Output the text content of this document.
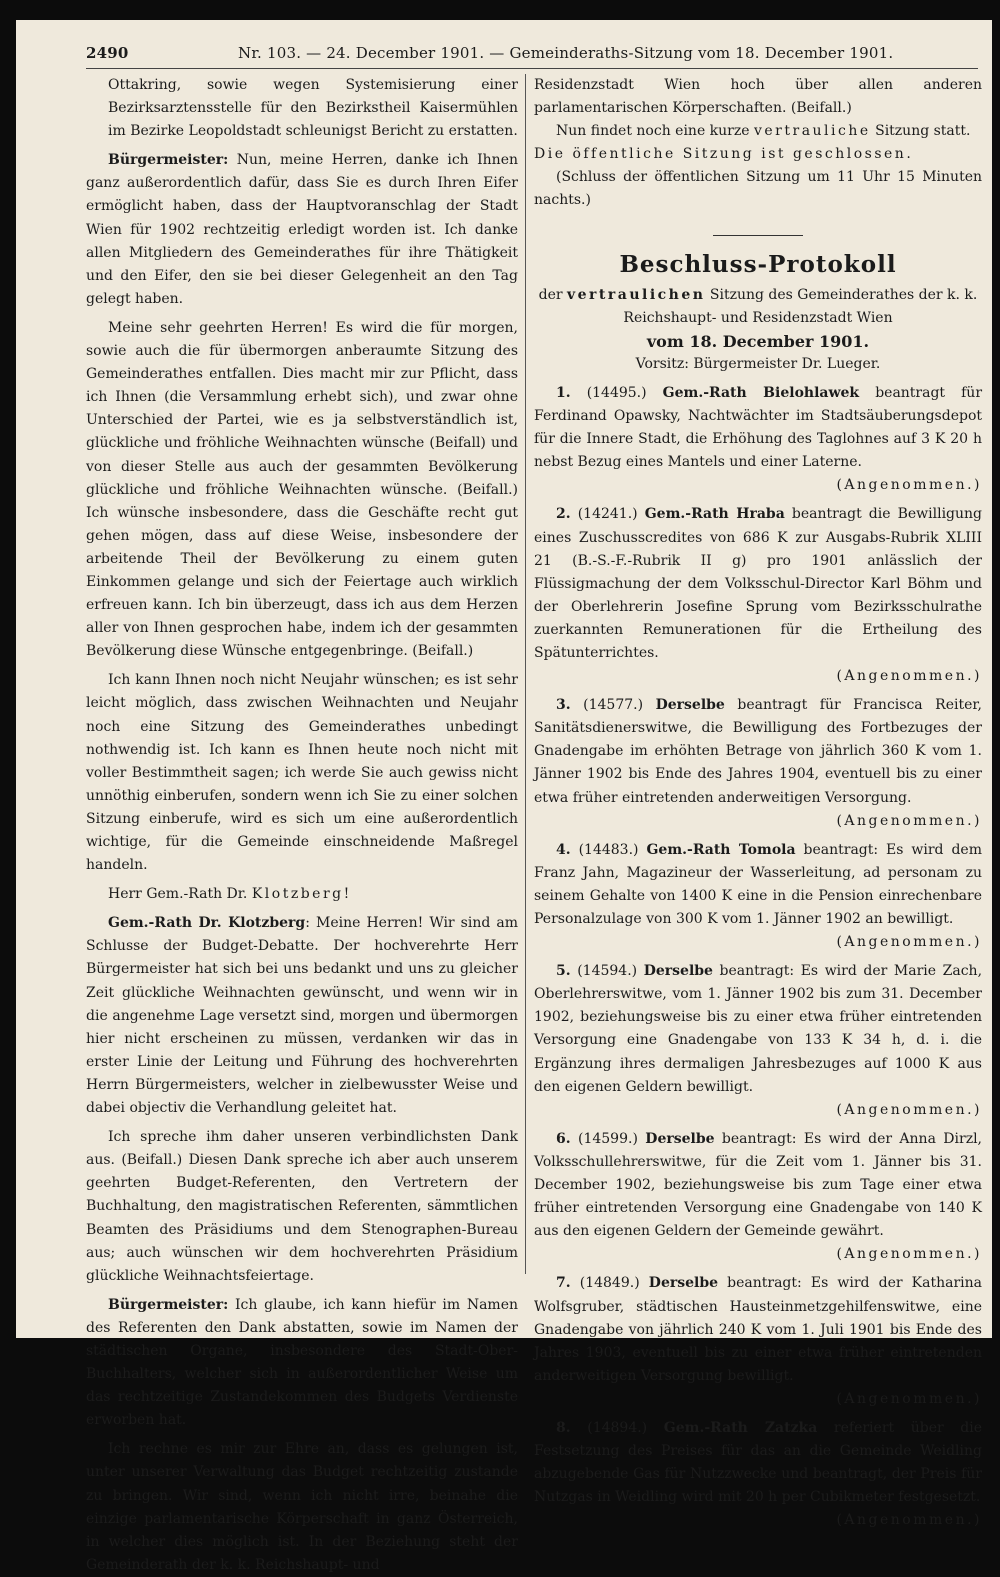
2490	Nr. 103. — 24. December 1901. — Gemeinderaths-Sitzung vom 18. December 1901.

Ottakring, sowie wegen Systemisierung einer Bezirksarztensstelle für den Bezirkstheil Kaisermühlen im Bezirke Leopoldstadt schleunigst Bericht zu erstatten.

Bürgermeister: Nun, meine Herren, danke ich Ihnen ganz außerordentlich dafür, dass Sie es durch Ihren Eifer ermöglicht haben, dass der Hauptvoranschlag der Stadt Wien für 1902 rechtzeitig erledigt worden ist. Ich danke allen Mitgliedern des Gemeinderathes für ihre Thätigkeit und den Eifer, den sie bei dieser Gelegenheit an den Tag gelegt haben.

Meine sehr geehrten Herren! Es wird die für morgen, sowie auch die für übermorgen anberaumte Sitzung des Gemeinderathes entfallen. Dies macht mir zur Pflicht, dass ich Ihnen (die Versammlung erhebt sich), und zwar ohne Unterschied der Partei, wie es ja selbstverständlich ist, glückliche und fröhliche Weihnachten wünsche (Beifall) und von dieser Stelle aus auch der gesammten Bevölkerung glückliche und fröhliche Weihnachten wünsche. (Beifall.) Ich wünsche insbesondere, dass die Geschäfte recht gut gehen mögen, dass auf diese Weise, insbesondere der arbeitende Theil der Bevölkerung zu einem guten Einkommen gelange und sich der Feiertage auch wirklich erfreuen kann. Ich bin überzeugt, dass ich aus dem Herzen aller von Ihnen gesprochen habe, indem ich der gesammten Bevölkerung diese Wünsche entgegenbringe. (Beifall.)

Ich kann Ihnen noch nicht Neujahr wünschen; es ist sehr leicht möglich, dass zwischen Weihnachten und Neujahr noch eine Sitzung des Gemeinderathes unbedingt nothwendig ist. Ich kann es Ihnen heute noch nicht mit voller Bestimmtheit sagen; ich werde Sie auch gewiss nicht unnöthig einberufen, sondern wenn ich Sie zu einer solchen Sitzung einberufe, wird es sich um eine außerordentlich wichtige, für die Gemeinde einschneidende Maßregel handeln.

Herr Gem.-Rath Dr. Klotzberg!

Gem.-Rath Dr. Klotzberg: Meine Herren! Wir sind am Schlusse der Budget-Debatte. Der hochverehrte Herr Bürgermeister hat sich bei uns bedankt und uns zu gleicher Zeit glückliche Weihnachten gewünscht, und wenn wir in die angenehme Lage versetzt sind, morgen und übermorgen hier nicht erscheinen zu müssen, verdanken wir das in erster Linie der Leitung und Führung des hochverehrten Herrn Bürgermeisters, welcher in zielbewusster Weise und dabei objectiv die Verhandlung geleitet hat.

Ich spreche ihm daher unseren verbindlichsten Dank aus. (Beifall.) Diesen Dank spreche ich aber auch unserem geehrten Budget-Referenten, den Vertretern der Buchhaltung, den magistratischen Referenten, sämmtlichen Beamten des Präsidiums und dem Stenographen-Bureau aus; auch wünschen wir dem hochverehrten Präsidium glückliche Weihnachtsfeiertage.

Bürgermeister: Ich glaube, ich kann hiefür im Namen des Referenten den Dank abstatten, sowie im Namen der städtischen Organe, insbesondere des Stadt-Ober-Buchhalters, welcher sich in außerordentlicher Weise um das rechtzeitige Zustandekommen des Budgets Verdienste erworben hat.

Ich rechne es mir zur Ehre an, dass es gelungen ist, unter unserer Verwaltung das Budget rechtzeitig zustande zu bringen. Wir sind, wenn ich nicht irre, beinahe die einzige parlamentarische Körperschaft in ganz Österreich, in welcher dies möglich ist. In der Beziehung steht der Gemeinderath der k. k. Reichshaupt- und

Residenzstadt Wien hoch über allen anderen parlamentarischen Körperschaften. (Beifall.)

Nun findet noch eine kurze vertrauliche Sitzung statt.

Die öffentliche Sitzung ist geschlossen.

(Schluss der öffentlichen Sitzung um 11 Uhr 15 Minuten nachts.)

Beschluss-Protokoll

der vertraulichen Sitzung des Gemeinderathes der k. k. Reichshaupt- und Residenzstadt Wien

vom 18. December 1901.

Vorsitz: Bürgermeister Dr. Lueger.

1. (14495.) Gem.-Rath Bielohlawek beantragt für Ferdinand Opawsky, Nachtwächter im Stadtsäuberungsdepot für die Innere Stadt, die Erhöhung des Taglohnes auf 3 K 20 h nebst Bezug eines Mantels und einer Laterne.

(Angenommen.)

2. (14241.) Gem.-Rath Hraba beantragt die Bewilligung eines Zuschusscredites von 686 K zur Ausgabs-Rubrik XLIII 21 (B.-S.-F.-Rubrik II g) pro 1901 anlässlich der Flüssigmachung der dem Volksschul-Director Karl Böhm und der Oberlehrerin Josefine Sprung vom Bezirksschulrathe zuerkannten Remunerationen für die Ertheilung des Spätunterrichtes.

(Angenommen.)

3. (14577.) Derselbe beantragt für Francisca Reiter, Sanitätsdienerswitwe, die Bewilligung des Fortbezuges der Gnadengabe im erhöhten Betrage von jährlich 360 K vom 1. Jänner 1902 bis Ende des Jahres 1904, eventuell bis zu einer etwa früher eintretenden anderweitigen Versorgung.

(Angenommen.)

4. (14483.) Gem.-Rath Tomola beantragt: Es wird dem Franz Jahn, Magazineur der Wasserleitung, ad personam zu seinem Gehalte von 1400 K eine in die Pension einrechenbare Personalzulage von 300 K vom 1. Jänner 1902 an bewilligt.

(Angenommen.)

5. (14594.) Derselbe beantragt: Es wird der Marie Zach, Oberlehrerswitwe, vom 1. Jänner 1902 bis zum 31. December 1902, beziehungsweise bis zu einer etwa früher eintretenden Versorgung eine Gnadengabe von 133 K 34 h, d. i. die Ergänzung ihres dermaligen Jahresbezuges auf 1000 K aus den eigenen Geldern bewilligt.

(Angenommen.)

6. (14599.) Derselbe beantragt: Es wird der Anna Dirzl, Volksschullehrerswitwe, für die Zeit vom 1. Jänner bis 31. December 1902, beziehungsweise bis zum Tage einer etwa früher eintretenden Versorgung eine Gnadengabe von 140 K aus den eigenen Geldern der Gemeinde gewährt.

(Angenommen.)

7. (14849.) Derselbe beantragt: Es wird der Katharina Wolfsgruber, städtischen Hausteinmetzgehilfenswitwe, eine Gnadengabe von jährlich 240 K vom 1. Juli 1901 bis Ende des Jahres 1903, eventuell bis zu einer etwa früher eintretenden anderweitigen Versorgung bewilligt.

(Angenommen.)

8. (14894.) Gem.-Rath Zatzka referiert über die Festsetzung des Preises für das an die Gemeinde Weidling abzugebende Gas für Nutzzwecke und beantragt, der Preis für Nutzgas in Weidling wird mit 20 h per Cubikmeter festgesetzt.

(Angenommen.)
